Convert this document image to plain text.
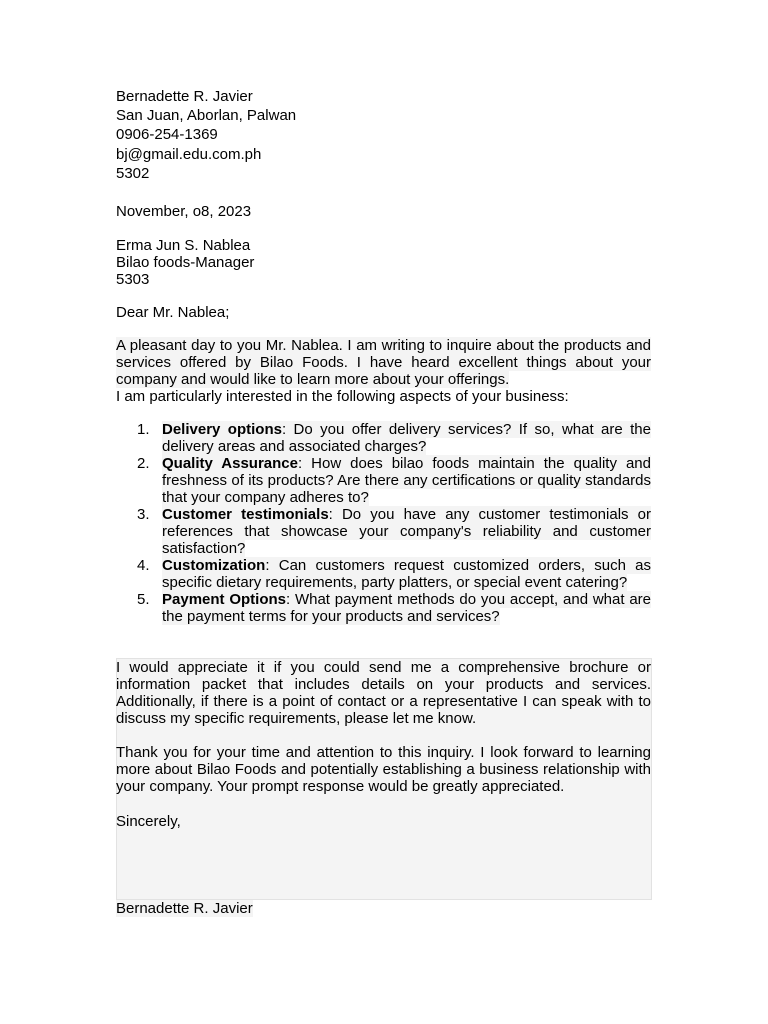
Bernadette R. Javier
San Juan, Aborlan, Palwan
0906-254-1369
bj@gmail.edu.com.ph
5302
November, o8, 2023
Erma Jun S. Nablea
Bilao foods-Manager
5303
Dear Mr. Nablea;
A pleasant day to you Mr. Nablea. I am writing to inquire about the products and services offered by Bilao Foods. I have heard excellent things about your company and would like to learn more about your offerings.
I am particularly interested in the following aspects of your business:
1. Delivery options: Do you offer delivery services? If so, what are the delivery areas and associated charges?
2. Quality Assurance: How does bilao foods maintain the quality and freshness of its products? Are there any certifications or quality standards that your company adheres to?
3. Customer testimonials: Do you have any customer testimonials or references that showcase your company's reliability and customer satisfaction?
4. Customization: Can customers request customized orders, such as specific dietary requirements, party platters, or special event catering?
5. Payment Options: What payment methods do you accept, and what are the payment terms for your products and services?
I would appreciate it if you could send me a comprehensive brochure or information packet that includes details on your products and services. Additionally, if there is a point of contact or a representative I can speak with to discuss my specific requirements, please let me know.
Thank you for your time and attention to this inquiry. I look forward to learning more about Bilao Foods and potentially establishing a business relationship with your company. Your prompt response would be greatly appreciated.
Sincerely,
Bernadette R. Javier
